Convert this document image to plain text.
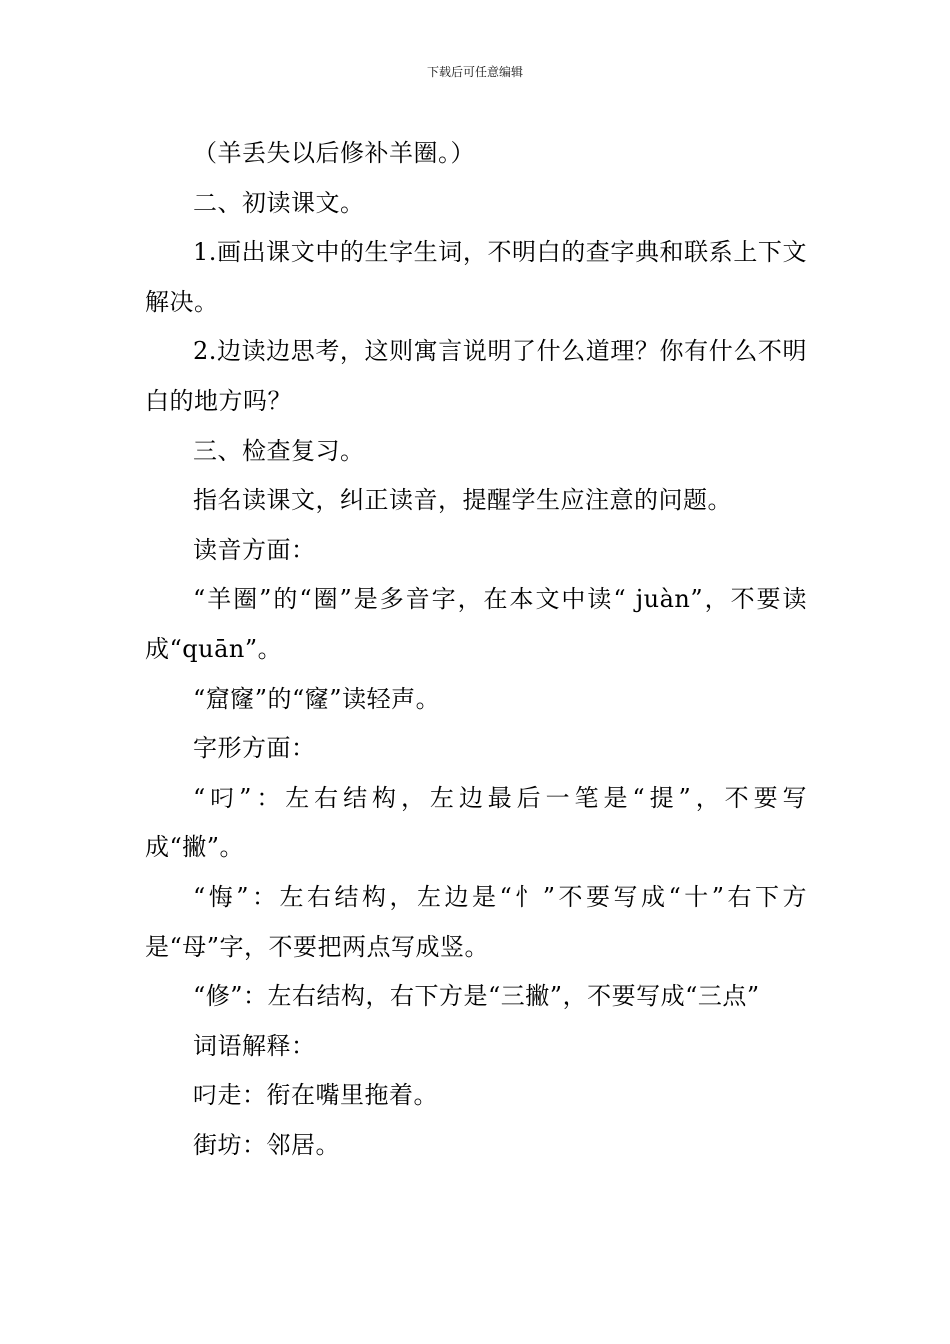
下载后可任意编辑

（羊丢失以后修补羊圈。）

二、初读课文。

1.画出课文中的生字生词，不明白的查字典和联系上下文解决。

2.边读边思考，这则寓言说明了什么道理？你有什么不明白的地方吗？

三、检查复习。

指名读课文，纠正读音，提醒学生应注意的问题。

读音方面：

“羊圈”的“圈”是多音字，在本文中读“ juàn”，不要读成“quān”。

“窟窿”的“窿”读轻声。

字形方面：

“叼”：左右结构，左边最后一笔是“提”，不要写成“撇”。

“悔”：左右结构，左边是“忄”不要写成“十”右下方是“母”字，不要把两点写成竖。

“修”：左右结构，右下方是“三撇”，不要写成“三点”

词语解释：

叼走：衔在嘴里拖着。

街坊：邻居。
